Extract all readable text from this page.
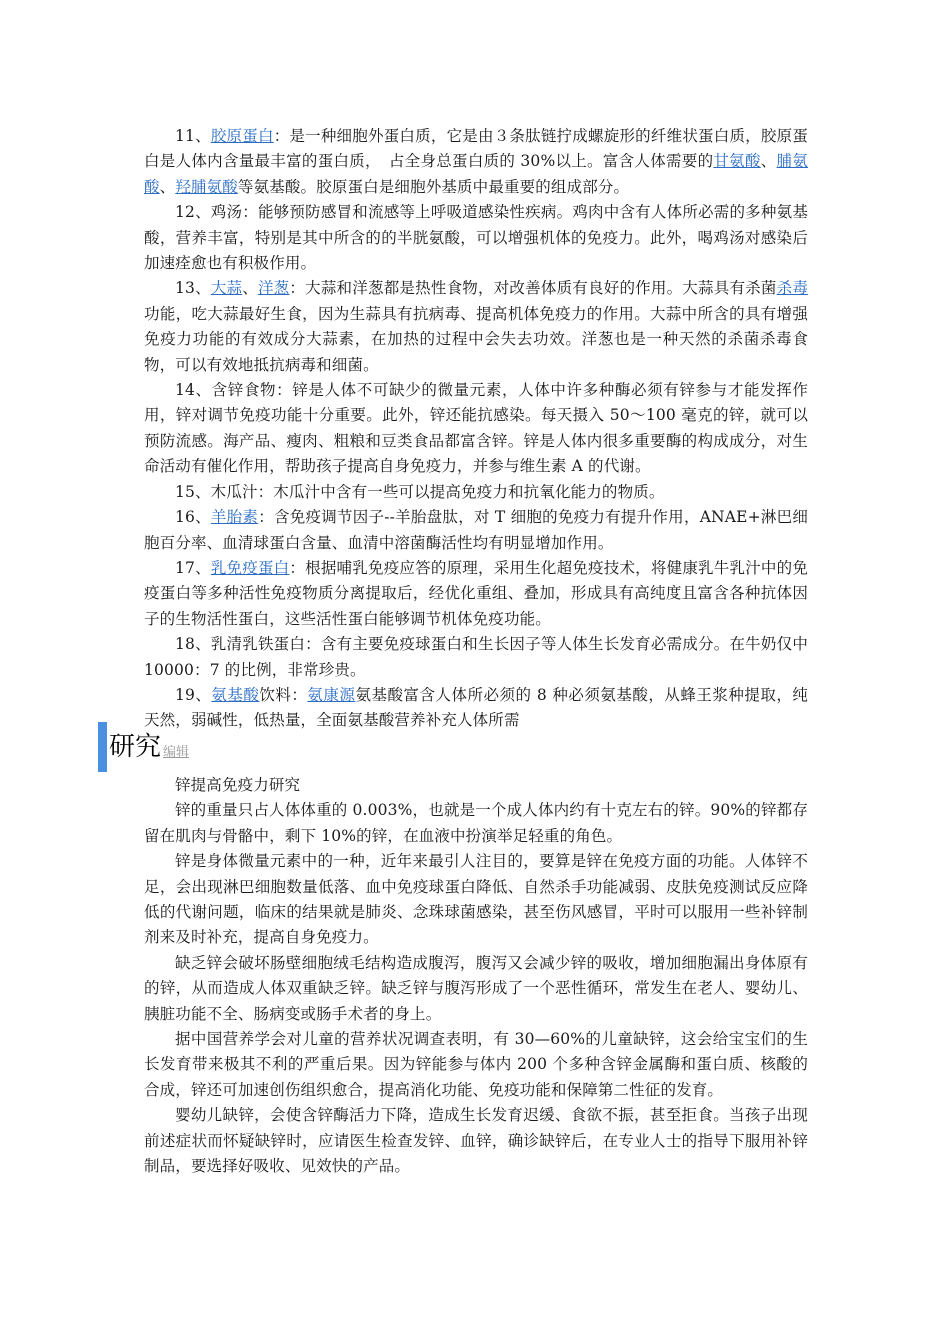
11、胶原蛋白：是一种细胞外蛋白质，它是由３条肽链拧成螺旋形的纤维状蛋白质，胶原蛋白是人体内含量最丰富的蛋白质，　占全身总蛋白质的 30%以上。富含人体需要的甘氨酸、脯氨酸、羟脯氨酸等氨基酸。胶原蛋白是细胞外基质中最重要的组成部分。

12、鸡汤：能够预防感冒和流感等上呼吸道感染性疾病。鸡肉中含有人体所必需的多种氨基酸，营养丰富，特别是其中所含的的半胱氨酸，可以增强机体的免疫力。此外，喝鸡汤对感染后加速痊愈也有积极作用。

13、大蒜、洋葱：大蒜和洋葱都是热性食物，对改善体质有良好的作用。大蒜具有杀菌杀毒功能，吃大蒜最好生食，因为生蒜具有抗病毒、提高机体免疫力的作用。大蒜中所含的具有增强免疫力功能的有效成分大蒜素，在加热的过程中会失去功效。洋葱也是一种天然的杀菌杀毒食物，可以有效地抵抗病毒和细菌。

14、含锌食物：锌是人体不可缺少的微量元素，人体中许多种酶必须有锌参与才能发挥作用，锌对调节免疫功能十分重要。此外，锌还能抗感染。每天摄入 50～100 毫克的锌，就可以预防流感。海产品、瘦肉、粗粮和豆类食品都富含锌。锌是人体内很多重要酶的构成成分，对生命活动有催化作用，帮助孩子提高自身免疫力，并参与维生素 A 的代谢。

15、木瓜汁：木瓜汁中含有一些可以提高免疫力和抗氧化能力的物质。

16、羊胎素：含免疫调节因子--羊胎盘肽，对 T 细胞的免疫力有提升作用，ANAE+淋巴细胞百分率、血清球蛋白含量、血清中溶菌酶活性均有明显增加作用。

17、乳免疫蛋白：根据哺乳免疫应答的原理，采用生化超免疫技术，将健康乳牛乳汁中的免疫蛋白等多种活性免疫物质分离提取后，经优化重组、叠加，形成具有高纯度且富含各种抗体因子的生物活性蛋白，这些活性蛋白能够调节机体免疫功能。

18、乳清乳铁蛋白：含有主要免疫球蛋白和生长因子等人体生长发育必需成分。在牛奶仅中 10000：7 的比例，非常珍贵。

19、氨基酸饮料：氨康源氨基酸富含人体所必须的 8 种必须氨基酸，从蜂王浆种提取，纯天然，弱碱性，低热量，全面氨基酸营养补充人体所需

研究 编辑

锌提高免疫力研究

锌的重量只占人体体重的 0.003%，也就是一个成人体内约有十克左右的锌。90%的锌都存留在肌肉与骨骼中，剩下 10%的锌，在血液中扮演举足轻重的角色。

锌是身体微量元素中的一种，近年来最引人注目的，要算是锌在免疫方面的功能。人体锌不足，会出现淋巴细胞数量低落、血中免疫球蛋白降低、自然杀手功能减弱、皮肤免疫测试反应降低的代谢问题，临床的结果就是肺炎、念珠球菌感染，甚至伤风感冒，平时可以服用一些补锌制剂来及时补充，提高自身免疫力。

缺乏锌会破坏肠壁细胞绒毛结构造成腹泻，腹泻又会减少锌的吸收，增加细胞漏出身体原有的锌，从而造成人体双重缺乏锌。缺乏锌与腹泻形成了一个恶性循环，常发生在老人、婴幼儿、胰脏功能不全、肠病变或肠手术者的身上。

据中国营养学会对儿童的营养状况调查表明，有 30—60%的儿童缺锌，这会给宝宝们的生长发育带来极其不利的严重后果。因为锌能参与体内 200 个多种含锌金属酶和蛋白质、核酸的合成，锌还可加速创伤组织愈合，提高消化功能、免疫功能和保障第二性征的发育。

婴幼儿缺锌，会使含锌酶活力下降，造成生长发育迟缓、食欲不振，甚至拒食。当孩子出现前述症状而怀疑缺锌时，应请医生检查发锌、血锌，确诊缺锌后，在专业人士的指导下服用补锌制品，要选择好吸收、见效快的产品。
